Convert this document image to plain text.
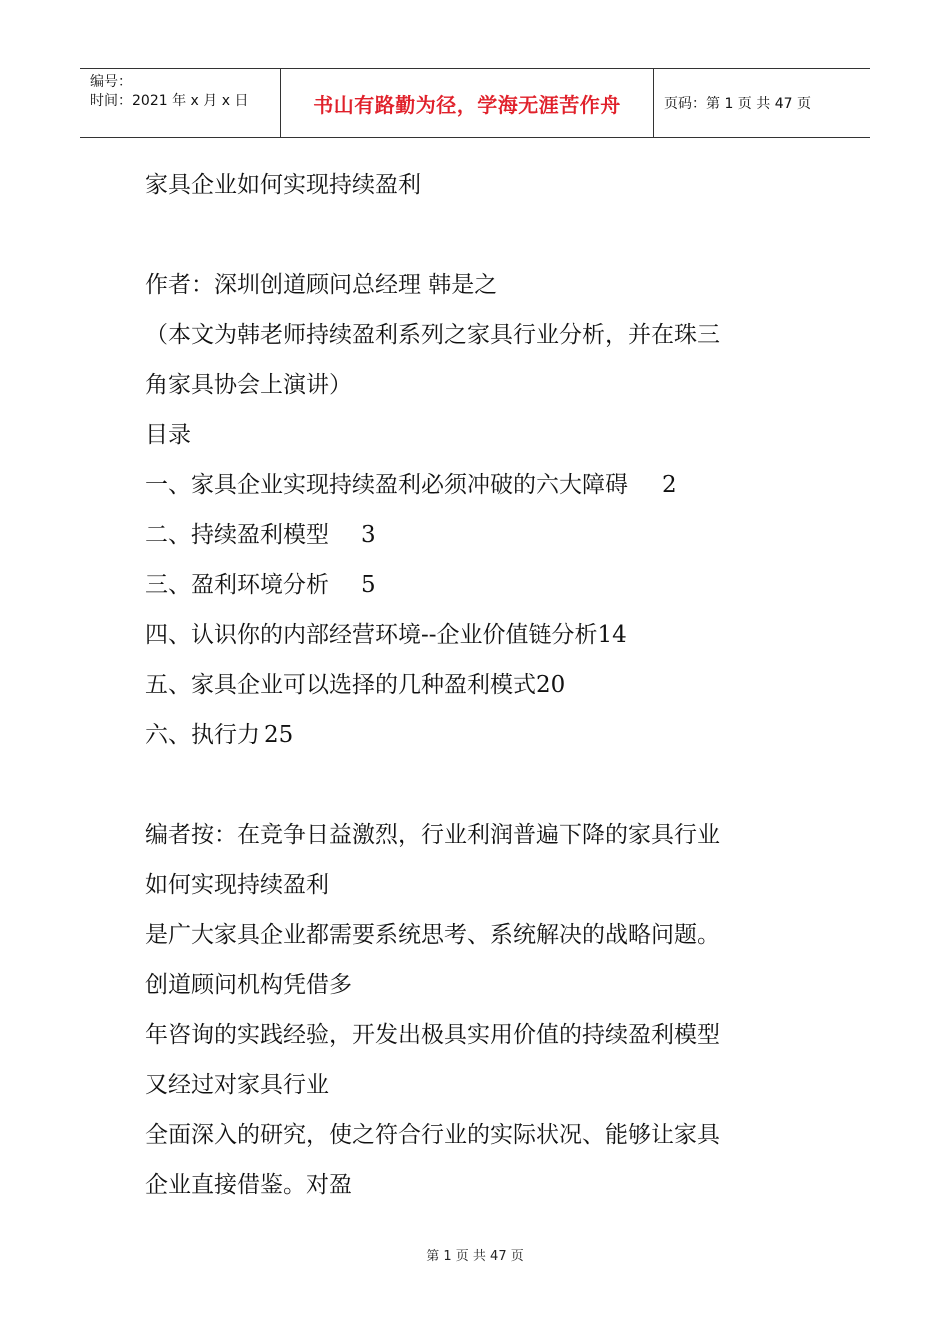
编号：
时间：2021 年 x 月 x 日	书山有路勤为径，学海无涯苦作舟	页码：第 1 页 共 47 页
家具企业如何实现持续盈利
作者：深圳创道顾问总经理 韩是之
（本文为韩老师持续盈利系列之家具行业分析，并在珠三
角家具协会上演讲）
目录
一、家具企业实现持续盈利必须冲破的六大障碍 2
二、持续盈利模型 3
三、盈利环境分析 5
四、认识你的内部经营环境--企业价值链分析14
五、家具企业可以选择的几种盈利模式20
六、执行力 25
编者按：在竞争日益激烈，行业利润普遍下降的家具行业
如何实现持续盈利
是广大家具企业都需要系统思考、系统解决的战略问题。
创道顾问机构凭借多
年咨询的实践经验，开发出极具实用价值的持续盈利模型
又经过对家具行业
全面深入的研究，使之符合行业的实际状况、能够让家具
企业直接借鉴。对盈
第 1 页 共 47 页
